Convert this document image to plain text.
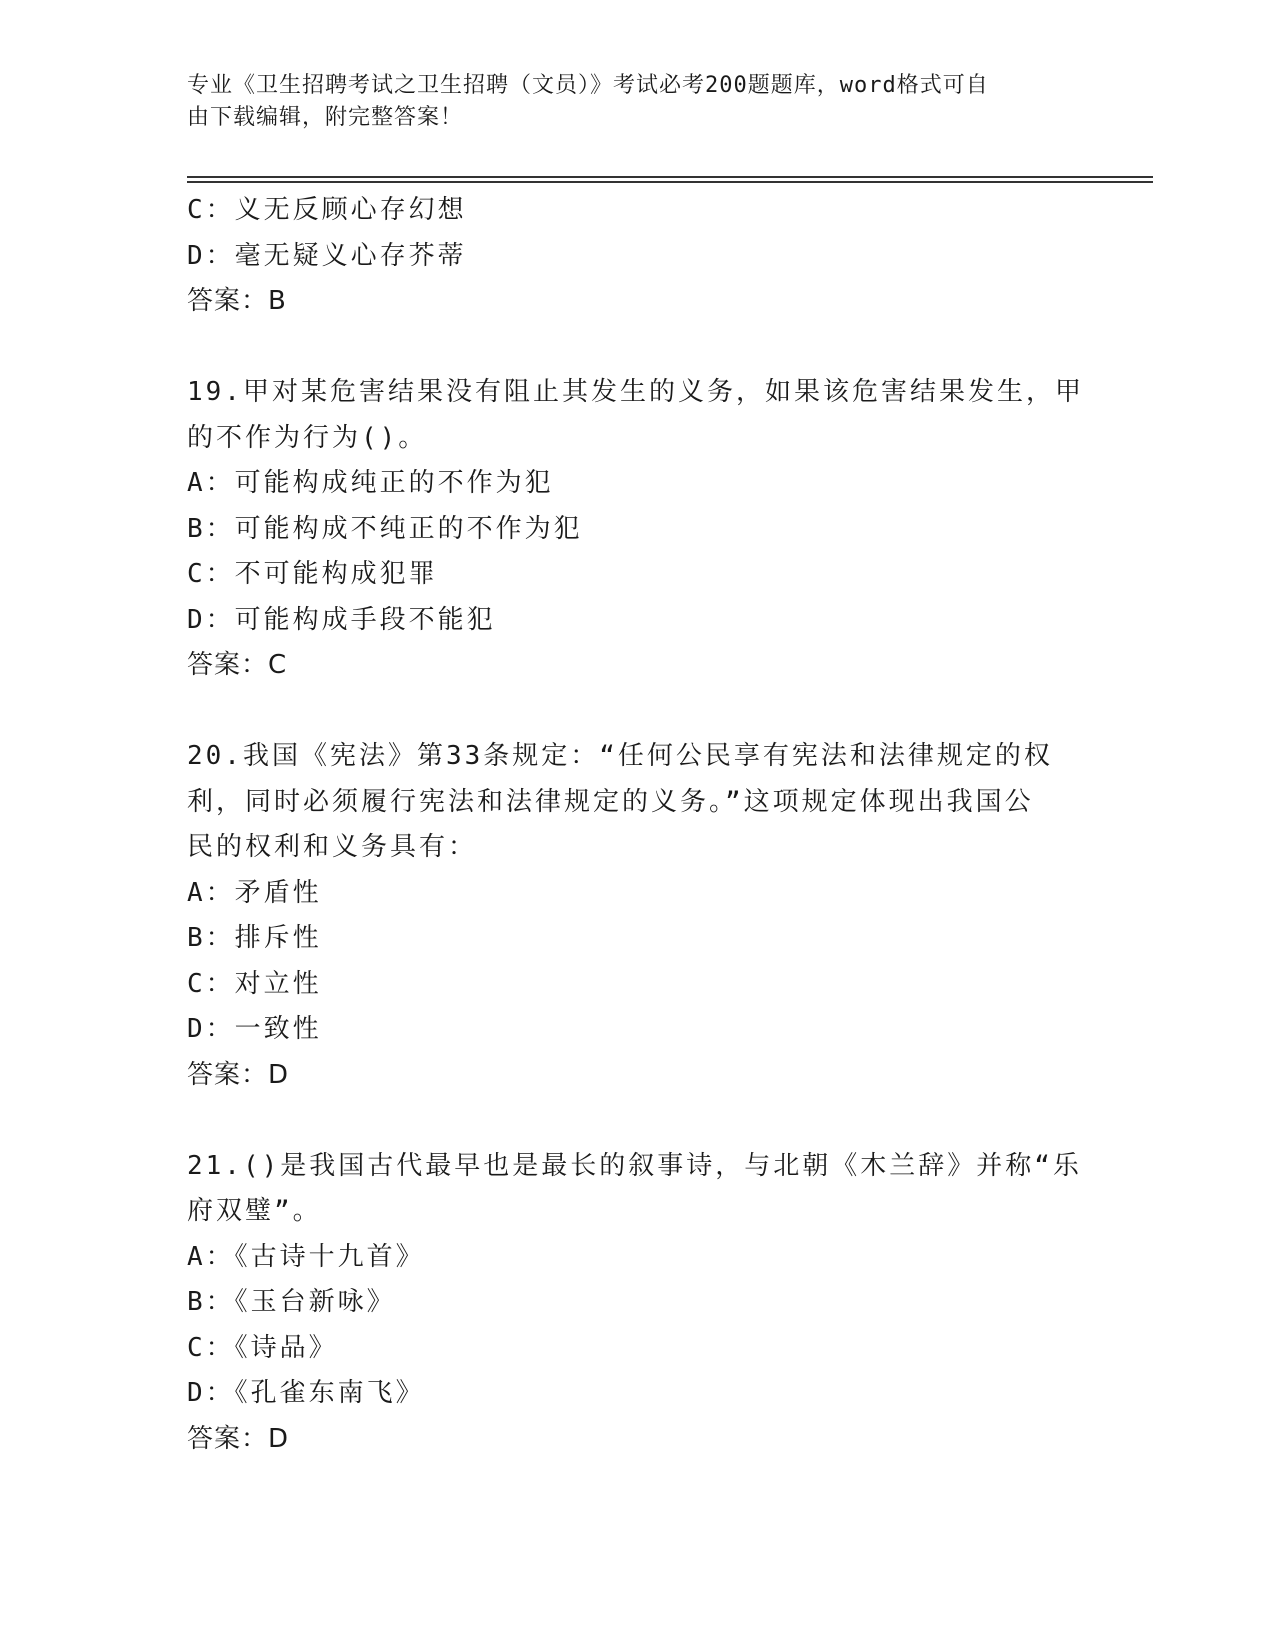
专业《卫生招聘考试之卫生招聘（文员）》考试必考200题题库，word格式可自
由下载编辑，附完整答案！
C：义无反顾心存幻想
D：毫无疑义心存芥蒂
答案：B
19.甲对某危害结果没有阻止其发生的义务，如果该危害结果发生，甲
的不作为行为()。
A：可能构成纯正的不作为犯
B：可能构成不纯正的不作为犯
C：不可能构成犯罪
D：可能构成手段不能犯
答案：C
20.我国《宪法》第33条规定：“任何公民享有宪法和法律规定的权
利，同时必须履行宪法和法律规定的义务。”这项规定体现出我国公
民的权利和义务具有：
A：矛盾性
B：排斥性
C：对立性
D：一致性
答案：D
21.()是我国古代最早也是最长的叙事诗，与北朝《木兰辞》并称“乐
府双璧”。
A：《古诗十九首》
B：《玉台新咏》
C：《诗品》
D：《孔雀东南飞》
答案：D
